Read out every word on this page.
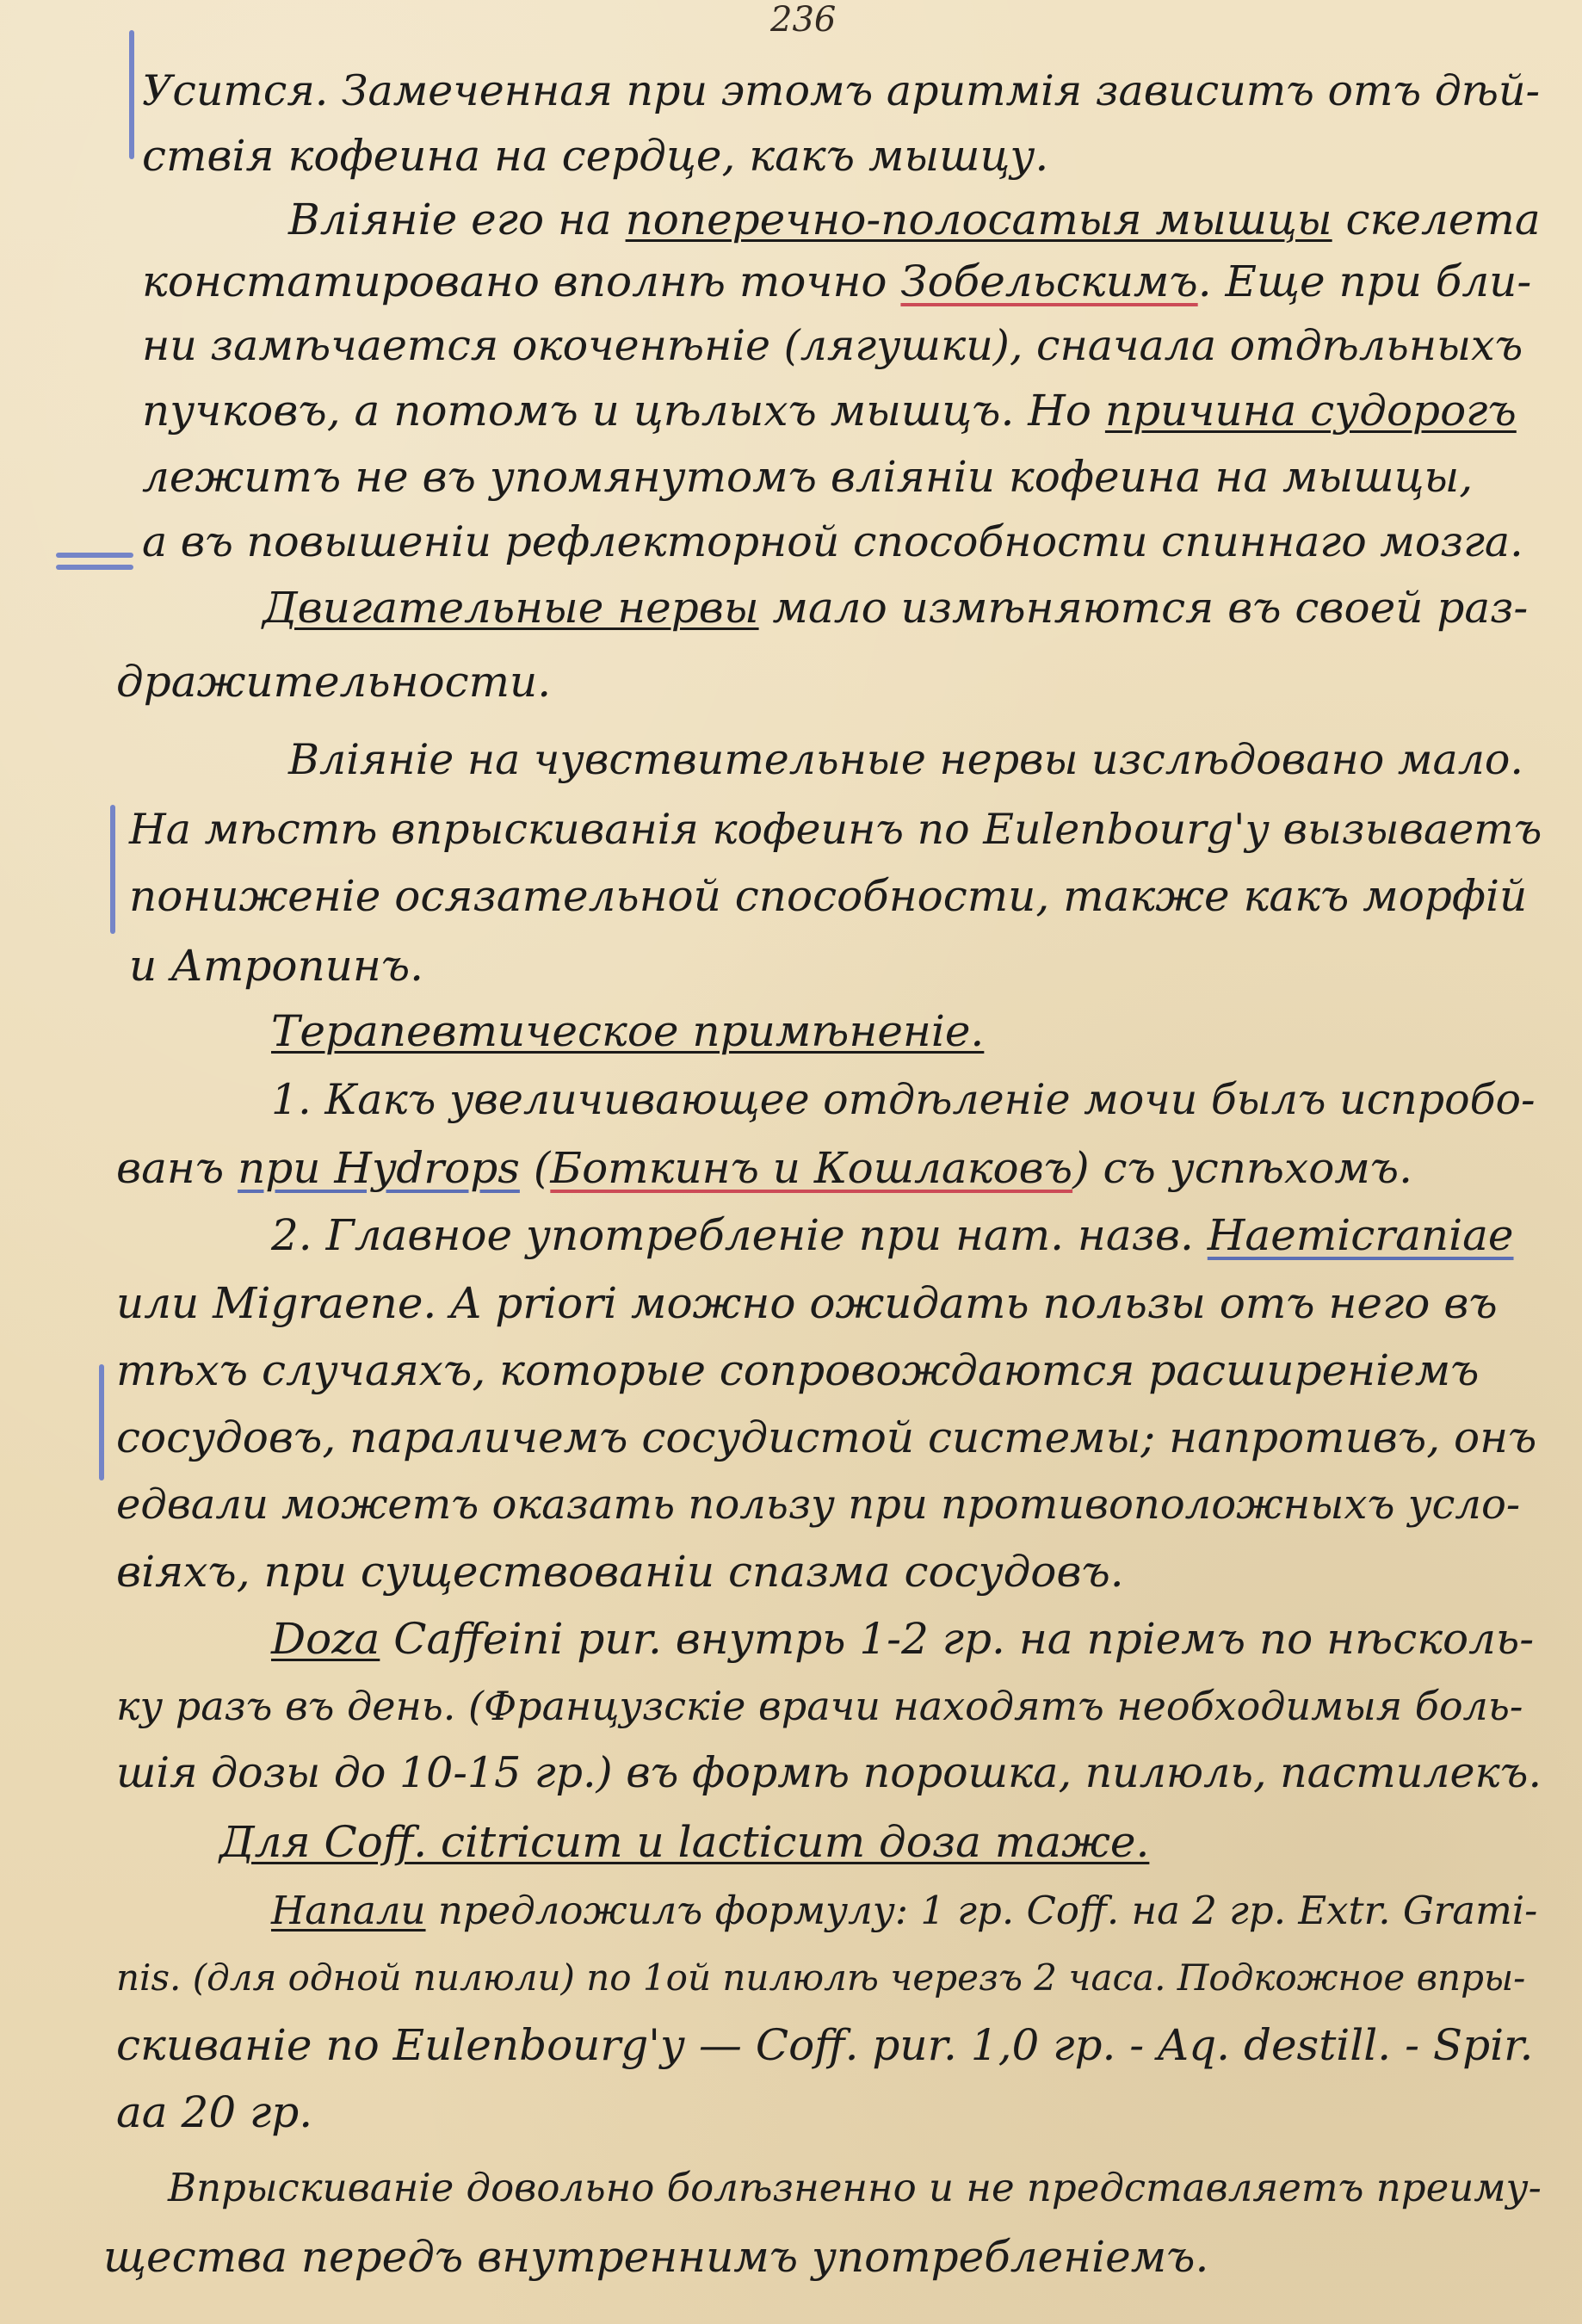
236
Усится. Замеченная при этомъ аритмія зависитъ отъ дѣй-
ствія кофеина на сердце, какъ мышцу.
Вліяніе его на поперечно-полосатыя мышцы скелета
констатировано вполнѣ точно Зобельскимъ. Еще при бли-
ни замѣчается окоченѣніе (лягушки), сначала отдѣльныхъ
пучковъ, а потомъ и цѣлыхъ мышцъ. Но причина судорогъ
лежитъ не въ упомянутомъ вліяніи кофеина на мышцы,
а въ повышеніи рефлекторной способности спиннаго мозга.
Двигательные нервы мало измѣняются въ своей раз-
дражительности.
Вліяніе на чувствительные нервы изслѣдовано мало.
На мѣстѣ впрыскиванія кофеинъ по Eulenbourg'у вызываетъ
пониженіе осязательной способности, также какъ морфій
и Атропинъ.
Терапевтическое примѣненіе.
1. Какъ увеличивающее отдѣленіе мочи былъ испробо-
ванъ при Hydrops (Боткинъ и Кошлаковъ) съ успѣхомъ.
2. Главное употребленіе при нат. назв. Haemicraniae
или Migraene. A priori можно ожидать пользы отъ него въ
тѣхъ случаяхъ, которые сопровождаются расширеніемъ
сосудовъ, параличемъ сосудистой системы; напротивъ, онъ
едвали можетъ оказать пользу при противоположныхъ усло-
віяхъ, при существованіи спазма сосудовъ.
Doza Caffeini pur. внутрь 1-2 гр. на пріемъ по нѣсколь-
ку разъ въ день. (Французскіе врачи находятъ необходимыя боль-
шія дозы до 10-15 гр.) въ формѣ порошка, пилюль, пастилекъ.
Для Coff. citricum и lacticum доза таже.
Напали предложилъ формулу: 1 гр. Coff. на 2 гр. Extr. Grami-
nis. (для одной пилюли) по 1ой пилюлѣ черезъ 2 часа. Подкожное впры-
скиваніе по Eulenbourg'у — Coff. pur. 1,0 гр. - Aq. destill. - Spir.
aa 20 гр.
Впрыскиваніе довольно болѣзненно и не представляетъ преиму-
щества передъ внутреннимъ употребленіемъ.
